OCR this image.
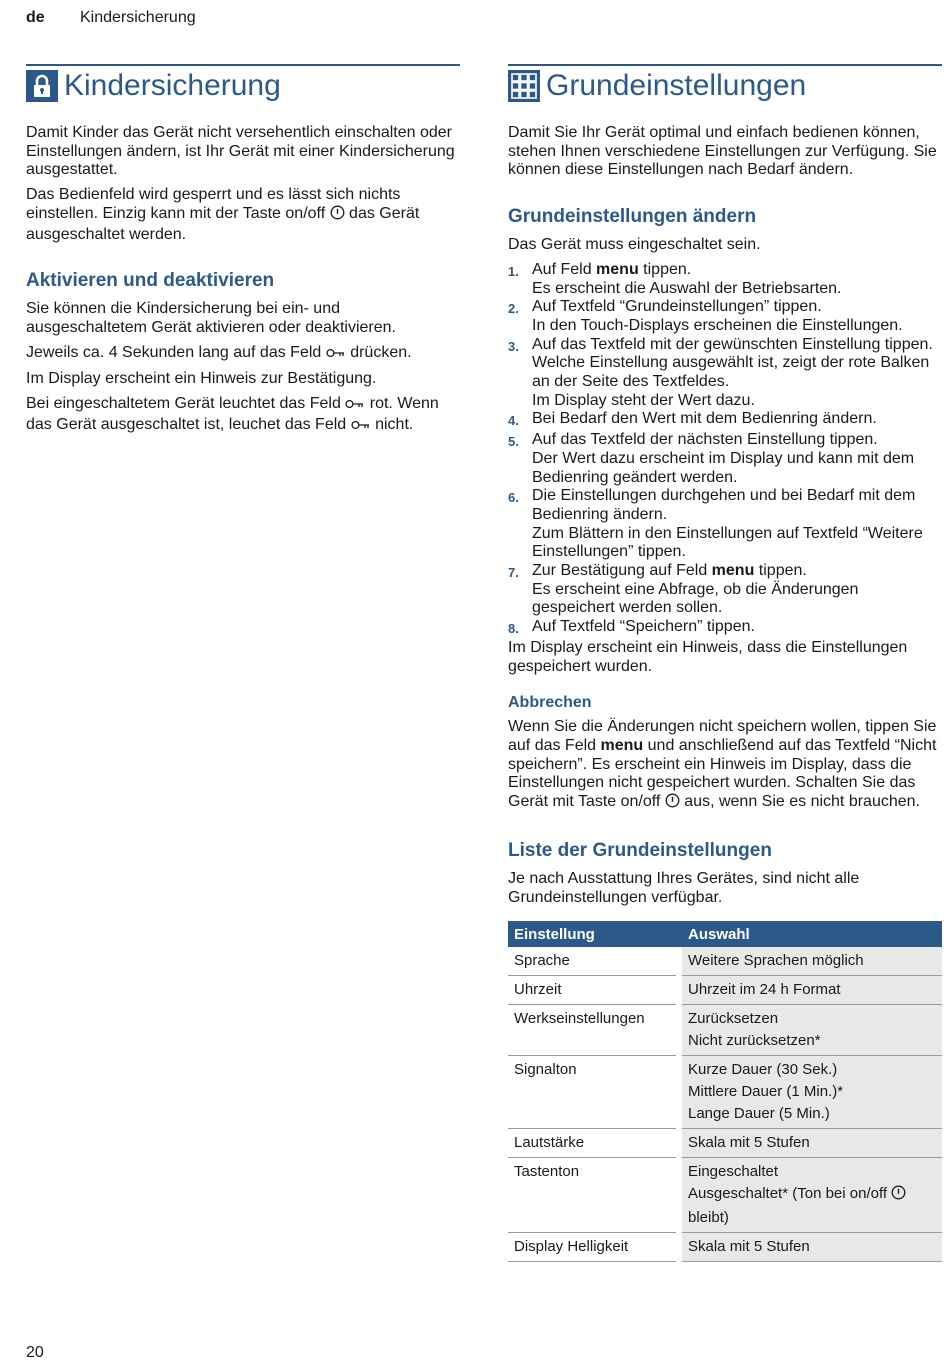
de Kindersicherung
Kindersicherung

Damit Kinder das Gerät nicht versehentlich einschalten oder Einstellungen ändern, ist Ihr Gerät mit einer Kindersicherung ausgestattet.

Das Bedienfeld wird gesperrt und es lässt sich nichts einstellen. Einzig kann mit der Taste on/off das Gerät ausgeschaltet werden.

Aktivieren und deaktivieren

Sie können die Kindersicherung bei ein- und ausgeschaltetem Gerät aktivieren oder deaktivieren.

Jeweils ca. 4 Sekunden lang auf das Feld drücken.

Im Display erscheint ein Hinweis zur Bestätigung.

Bei eingeschaltetem Gerät leuchtet das Feld rot. Wenn das Gerät ausgeschaltet ist, leuchet das Feld nicht.

Grundeinstellungen

Damit Sie Ihr Gerät optimal und einfach bedienen können, stehen Ihnen verschiedene Einstellungen zur Verfügung. Sie können diese Einstellungen nach Bedarf ändern.

Grundeinstellungen ändern

Das Gerät muss eingeschaltet sein.

1. Auf Feld menu tippen.
Es erscheint die Auswahl der Betriebsarten.
2. Auf Textfeld “Grundeinstellungen” tippen.
In den Touch-Displays erscheinen die Einstellungen.
3. Auf das Textfeld mit der gewünschten Einstellung tippen.
Welche Einstellung ausgewählt ist, zeigt der rote Balken an der Seite des Textfeldes.
Im Display steht der Wert dazu.
4. Bei Bedarf den Wert mit dem Bedienring ändern.
5. Auf das Textfeld der nächsten Einstellung tippen.
Der Wert dazu erscheint im Display und kann mit dem Bedienring geändert werden.
6. Die Einstellungen durchgehen und bei Bedarf mit dem Bedienring ändern.
Zum Blättern in den Einstellungen auf Textfeld “Weitere Einstellungen” tippen.
7. Zur Bestätigung auf Feld menu tippen.
Es erscheint eine Abfrage, ob die Änderungen gespeichert werden sollen.
8. Auf Textfeld “Speichern” tippen.

Im Display erscheint ein Hinweis, dass die Einstellungen gespeichert wurden.

Abbrechen

Wenn Sie die Änderungen nicht speichern wollen, tippen Sie auf das Feld menu und anschließend auf das Textfeld “Nicht speichern”. Es erscheint ein Hinweis im Display, dass die Einstellungen nicht gespeichert wurden. Schalten Sie das Gerät mit Taste on/off aus, wenn Sie es nicht brauchen.

Liste der Grundeinstellungen

Je nach Ausstattung Ihres Gerätes, sind nicht alle Grundeinstellungen verfügbar.

Einstellung	Auswahl
Sprache	Weitere Sprachen möglich

Uhrzeit	Uhrzeit im 24 h Format

Werkseinstellungen	Zurücksetzen
Nicht zurücksetzen*

Signalton	Kurze Dauer (30 Sek.)
Mittlere Dauer (1 Min.)*
Lange Dauer (5 Min.)

Lautstärke	Skala mit 5 Stufen

Tastenton	Eingeschaltet
Ausgeschaltet* (Ton bei on/off  bleibt)

Display Helligkeit	Skala mit 5 Stufen
20
